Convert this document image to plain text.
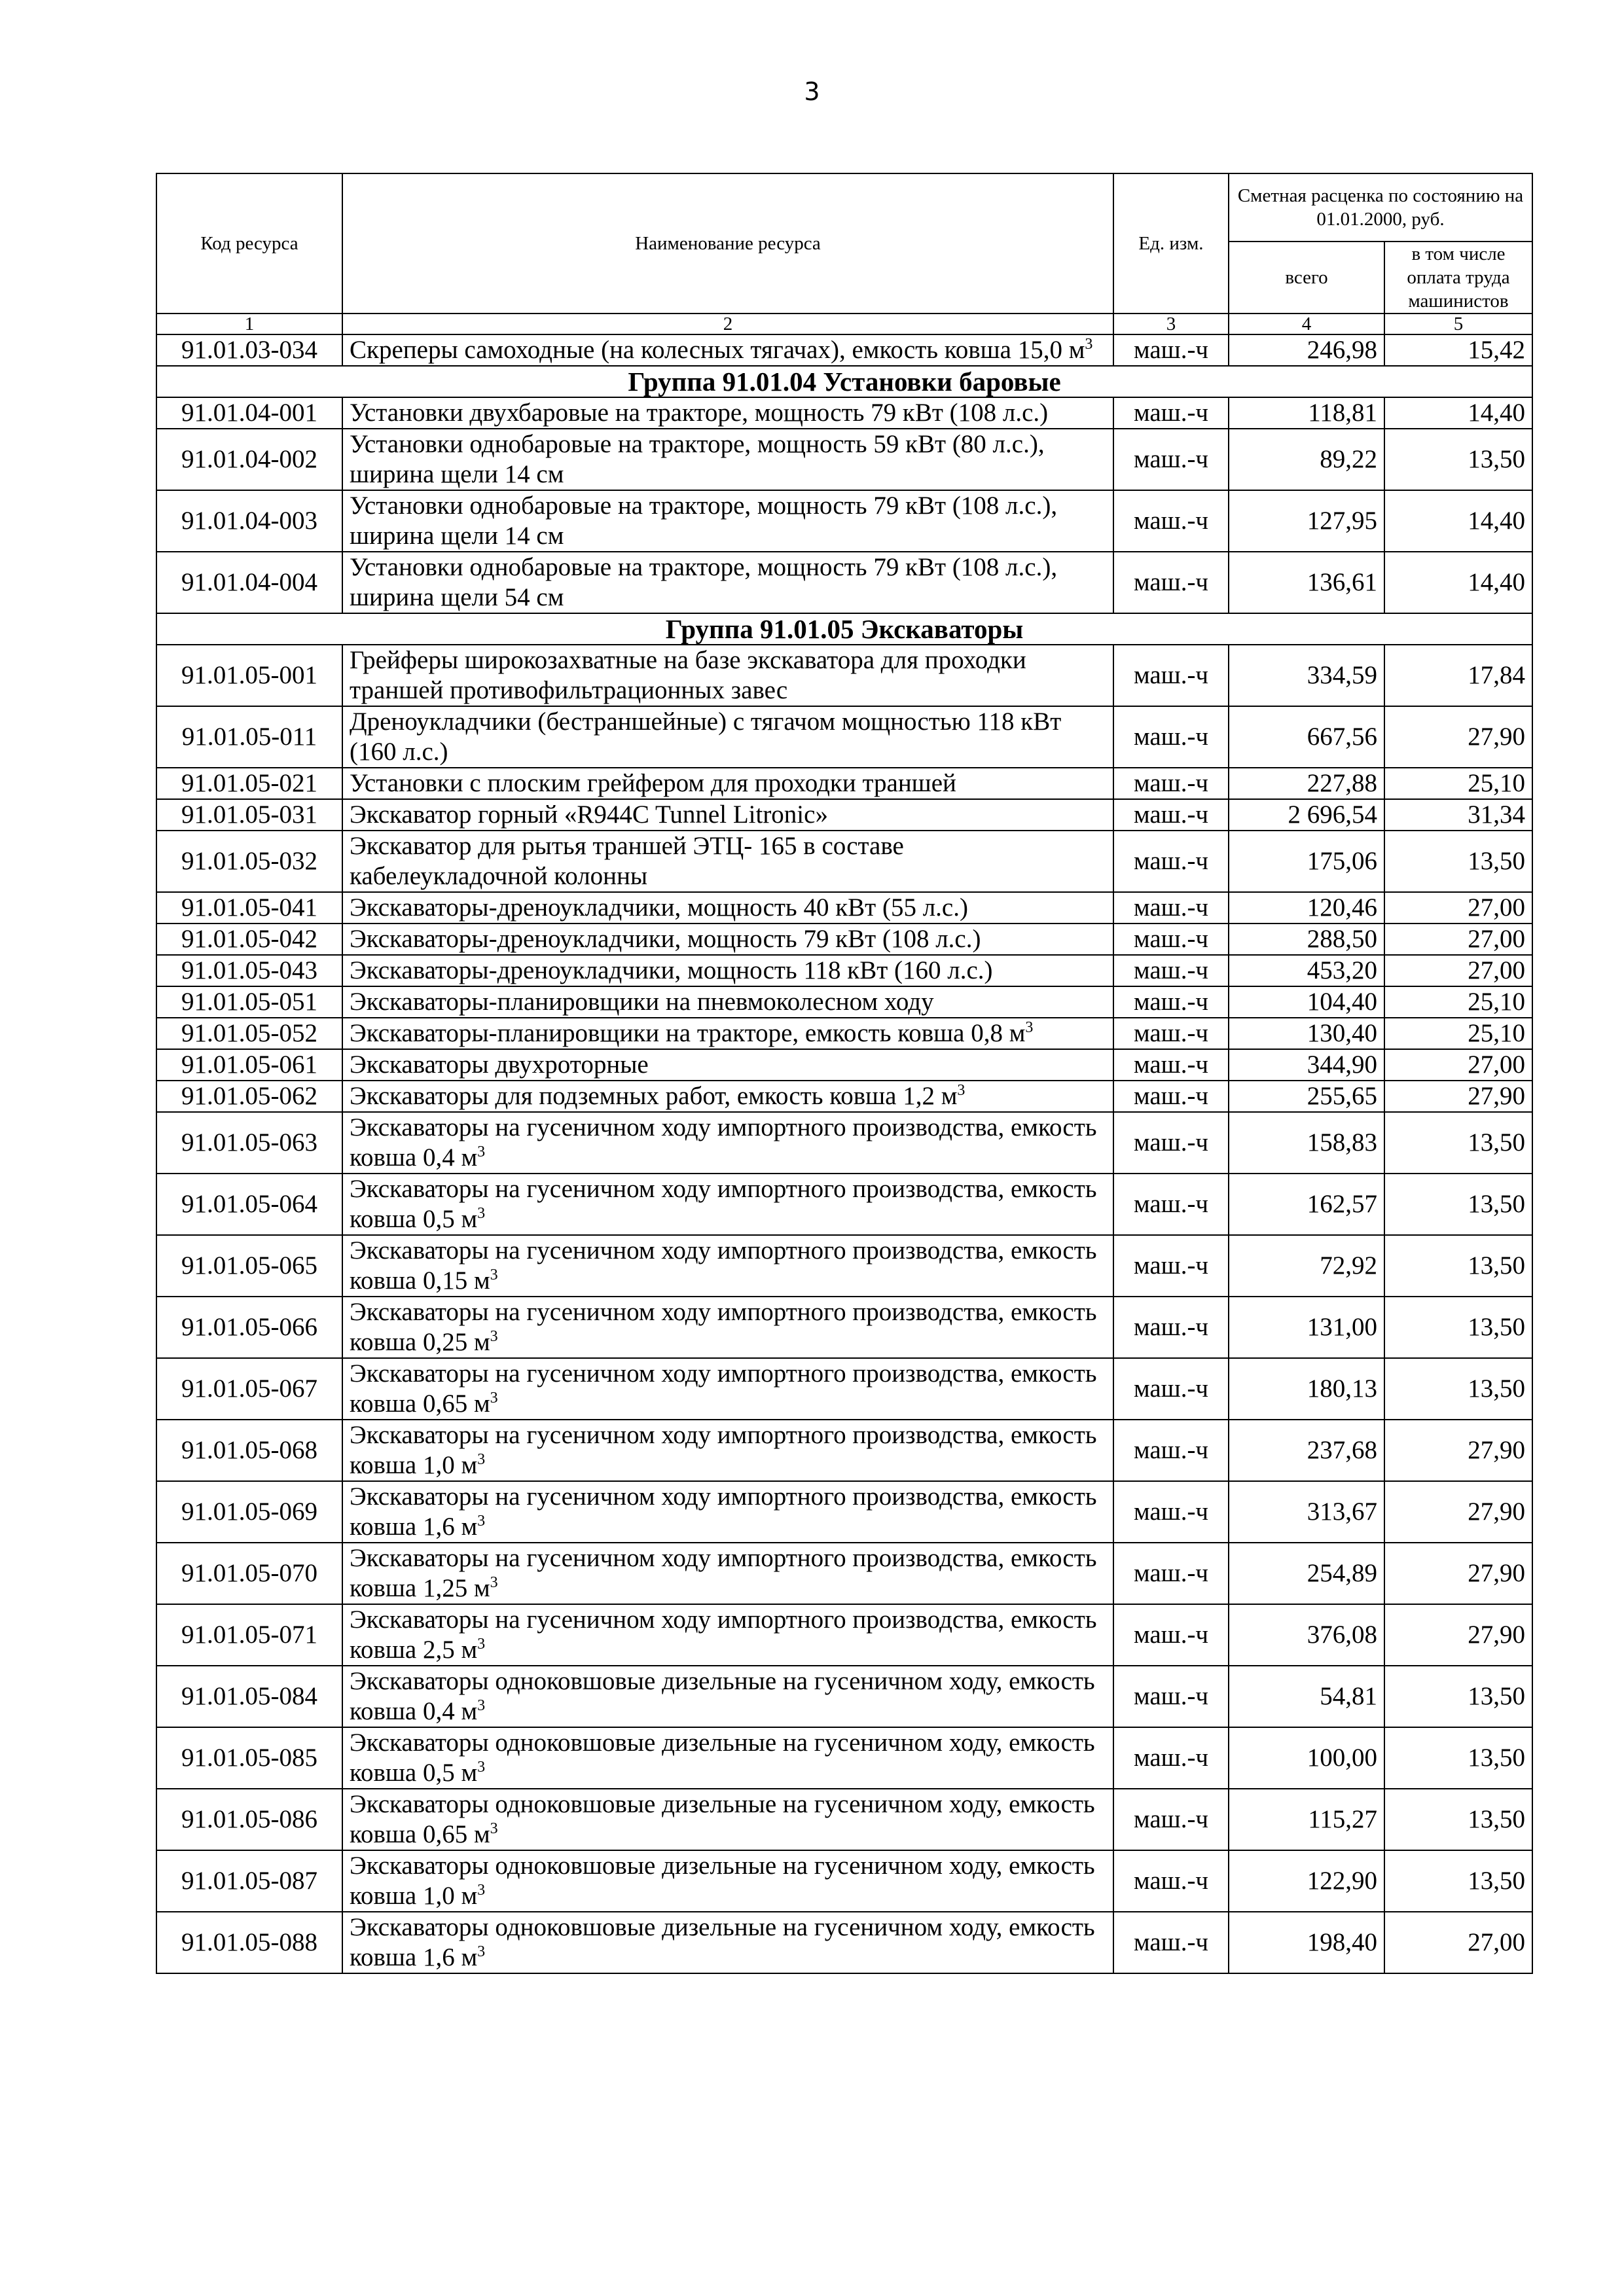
3
Код ресурса	Наименование ресурса	Ед. изм.	Сметная расценка по состоянию на 01.01.2000, руб.	
			всего	в том числе оплата труда машинистов
1	2	3	4	5
91.01.03-034	Скреперы самоходные (на колесных тягачах), емкость ковша 15,0 $м^3$	маш.-ч	246,98	15,42
Группа 91.01.04 Установки баровые				
91.01.04-001	Установки двухбаровые на тракторе, мощность 79 кВт (108 л.с.)	маш.-ч	118,81	14,40
91.01.04-002	Установки однобаровые на тракторе, мощность 59 кВт (80 л.с.), ширина щели 14 см	маш.-ч	89,22	13,50
91.01.04-003	Установки однобаровые на тракторе, мощность 79 кВт (108 л.с.), ширина щели 14 см	маш.-ч	127,95	14,40
91.01.04-004	Установки однобаровые на тракторе, мощность 79 кВт (108 л.с.), ширина щели 54 см	маш.-ч	136,61	14,40
Группа 91.01.05 Экскаваторы				
91.01.05-001	Грейферы широкозахватные на базе экскаватора для проходки траншей противофильтрационных завес	маш.-ч	334,59	17,84
91.01.05-011	Дреноукладчики (бестраншейные) с тягачом мощностью 118 кВт (160 л.с.)	маш.-ч	667,56	27,90
91.01.05-021	Установки с плоским грейфером для проходки траншей	маш.-ч	227,88	25,10
91.01.05-031	Экскаватор горный «R944C Tunnel Litronic»	маш.-ч	2 696,54	31,34
91.01.05-032	Экскаватор для рытья траншей ЭТЦ- 165 в составе кабелеукладочной колонны	маш.-ч	175,06	13,50
91.01.05-041	Экскаваторы-дреноукладчики, мощность 40 кВт (55 л.с.)	маш.-ч	120,46	27,00
91.01.05-042	Экскаваторы-дреноукладчики, мощность 79 кВт (108 л.с.)	маш.-ч	288,50	27,00
91.01.05-043	Экскаваторы-дреноукладчики, мощность 118 кВт (160 л.с.)	маш.-ч	453,20	27,00
91.01.05-051	Экскаваторы-планировщики на пневмоколесном ходу	маш.-ч	104,40	25,10
91.01.05-052	Экскаваторы-планировщики на тракторе, емкость ковша 0,8 $м^3$	маш.-ч	130,40	25,10
91.01.05-061	Экскаваторы двухроторные	маш.-ч	344,90	27,00
91.01.05-062	Экскаваторы для подземных работ, емкость ковша 1,2 $м^3$	маш.-ч	255,65	27,90
91.01.05-063	Экскаваторы на гусеничном ходу импортного производства, емкость ковша 0,4 $м^3$	маш.-ч	158,83	13,50
91.01.05-064	Экскаваторы на гусеничном ходу импортного производства, емкость ковша 0,5 $м^3$	маш.-ч	162,57	13,50
91.01.05-065	Экскаваторы на гусеничном ходу импортного производства, емкость ковша 0,15 $м^3$	маш.-ч	72,92	13,50
91.01.05-066	Экскаваторы на гусеничном ходу импортного производства, емкость ковша 0,25 $м^3$	маш.-ч	131,00	13,50
91.01.05-067	Экскаваторы на гусеничном ходу импортного производства, емкость ковша 0,65 $м^3$	маш.-ч	180,13	13,50
91.01.05-068	Экскаваторы на гусеничном ходу импортного производства, емкость ковша 1,0 $м^3$	маш.-ч	237,68	27,90
91.01.05-069	Экскаваторы на гусеничном ходу импортного производства, емкость ковша 1,6 $м^3$	маш.-ч	313,67	27,90
91.01.05-070	Экскаваторы на гусеничном ходу импортного производства, емкость ковша 1,25 $м^3$	маш.-ч	254,89	27,90
91.01.05-071	Экскаваторы на гусеничном ходу импортного производства, емкость ковша 2,5 $м^3$	маш.-ч	376,08	27,90
91.01.05-084	Экскаваторы одноковшовые дизельные на гусеничном ходу, емкость ковша 0,4 $м^3$	маш.-ч	54,81	13,50
91.01.05-085	Экскаваторы одноковшовые дизельные на гусеничном ходу, емкость ковша 0,5 $м^3$	маш.-ч	100,00	13,50
91.01.05-086	Экскаваторы одноковшовые дизельные на гусеничном ходу, емкость ковша 0,65 $м^3$	маш.-ч	115,27	13,50
91.01.05-087	Экскаваторы одноковшовые дизельные на гусеничном ходу, емкость ковша 1,0 $м^3$	маш.-ч	122,90	13,50
91.01.05-088	Экскаваторы одноковшовые дизельные на гусеничном ходу, емкость ковша 1,6 $м^3$	маш.-ч	198,40	27,00
